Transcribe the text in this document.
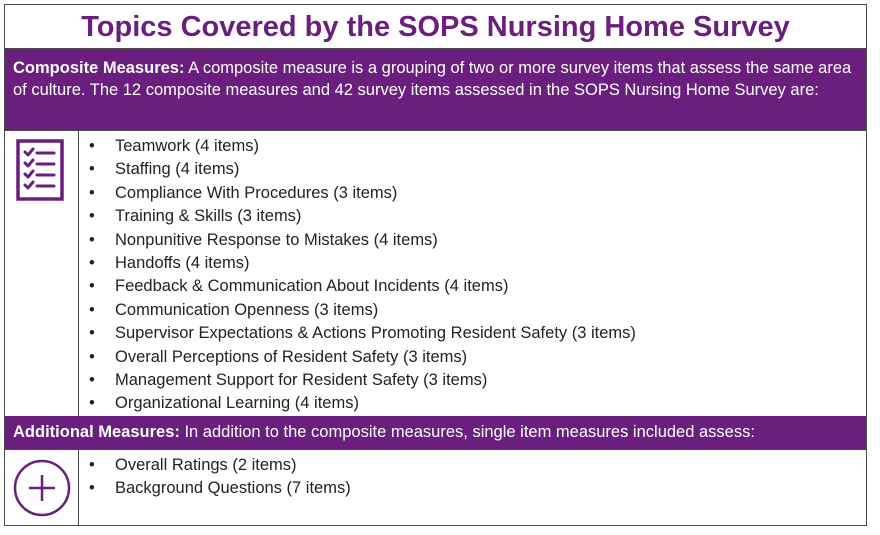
Topics Covered by the SOPS Nursing Home Survey
Composite Measures: A composite measure is a grouping of two or more survey items that assess the same area of culture. The 12 composite measures and 42 survey items assessed in the SOPS Nursing Home Survey are:
• Teamwork (4 items)
• Staffing (4 items)
• Compliance With Procedures (3 items)
• Training & Skills (3 items)
• Nonpunitive Response to Mistakes (4 items)
• Handoffs (4 items)
• Feedback & Communication About Incidents (4 items)
• Communication Openness (3 items)
• Supervisor Expectations & Actions Promoting Resident Safety (3 items)
• Overall Perceptions of Resident Safety (3 items)
• Management Support for Resident Safety (3 items)
• Organizational Learning (4 items)
Additional Measures: In addition to the composite measures, single item measures included assess:
• Overall Ratings (2 items)
• Background Questions (7 items)
